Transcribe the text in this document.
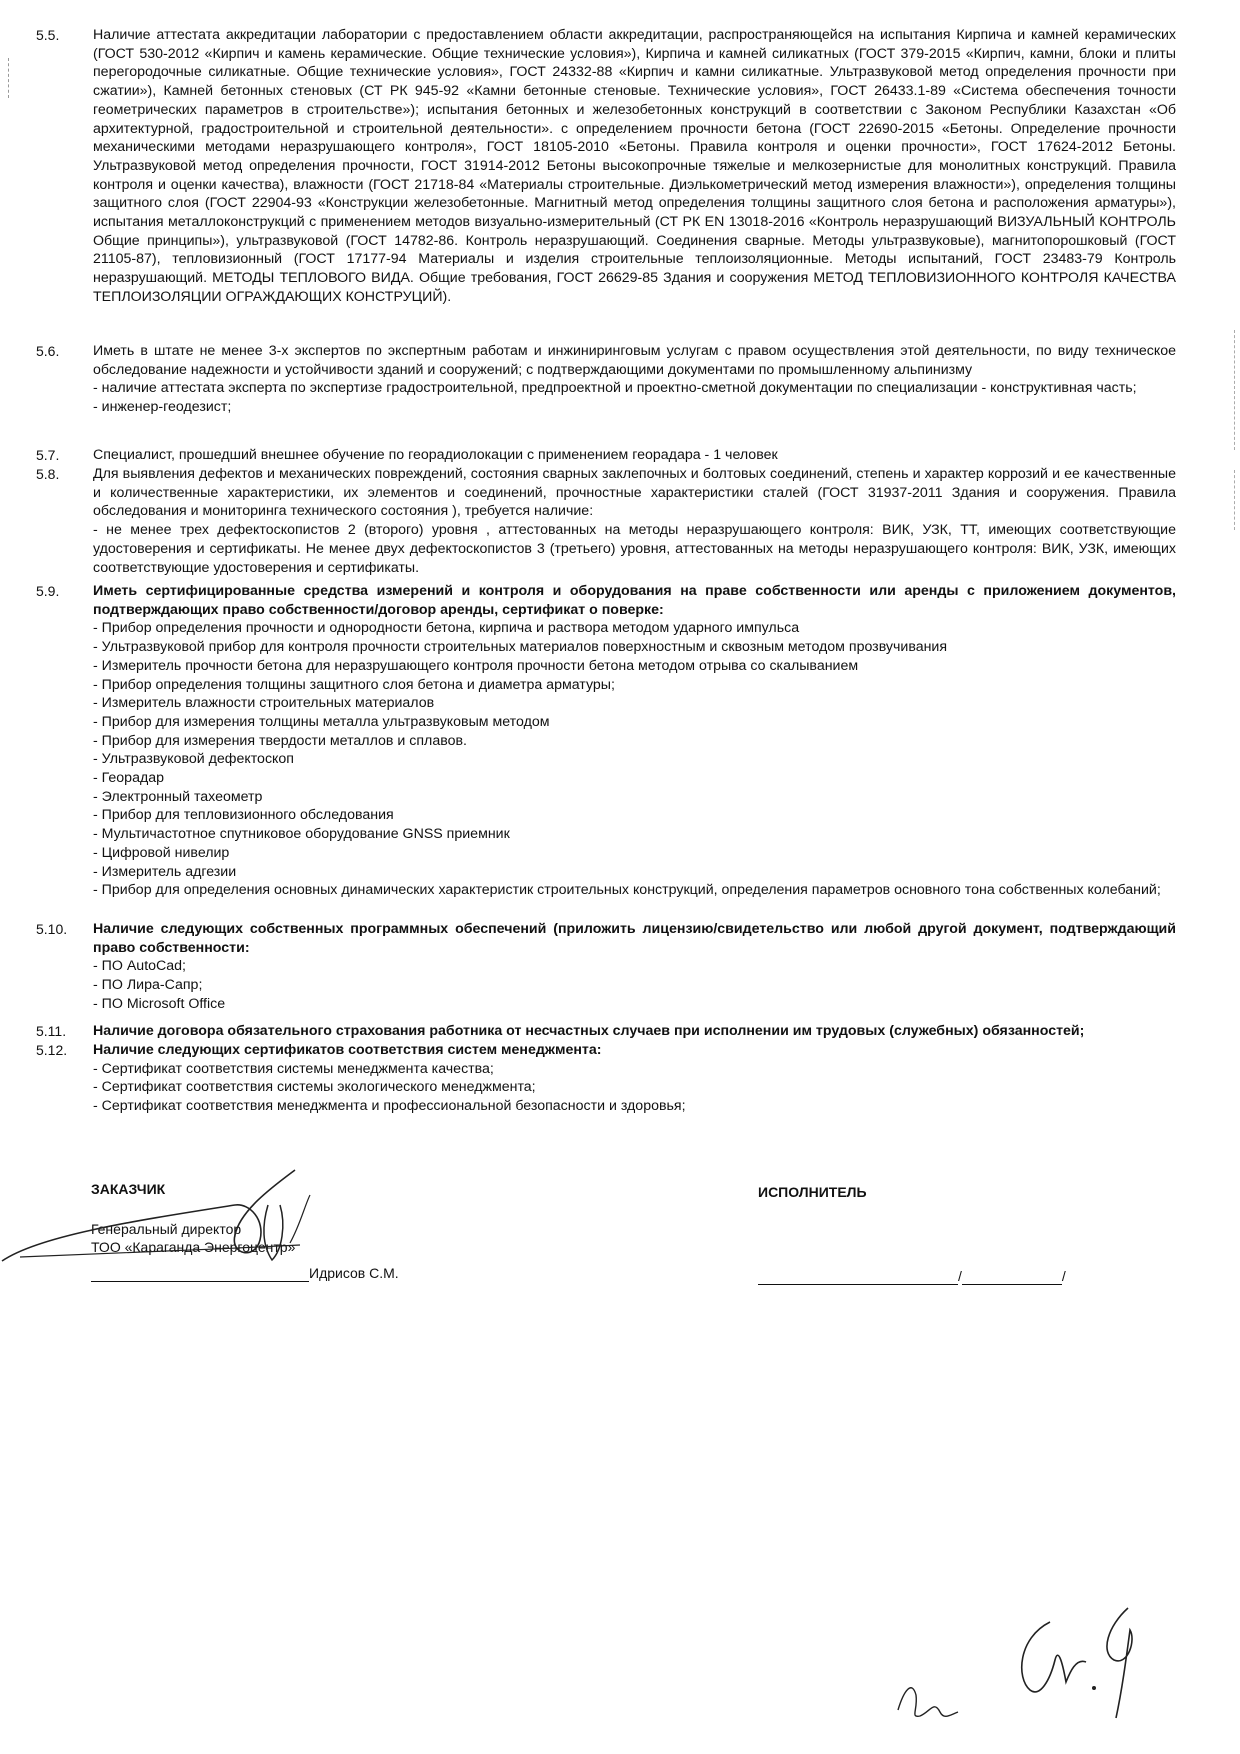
5.5.	Наличие аттестата аккредитации лаборатории с предоставлением области аккредитации, распространяющейся на испытания Кирпича и камней керамических (ГОСТ 530-2012 «Кирпич и камень керамические. Общие технические условия»), Кирпича и камней силикатных (ГОСТ 379-2015 «Кирпич, камни, блоки и плиты перегородочные силикатные. Общие технические условия», ГОСТ 24332-88 «Кирпич и камни силикатные. Ультразвуковой метод определения прочности при сжатии»), Камней бетонных стеновых (СТ РК 945-92 «Камни бетонные стеновые. Технические условия», ГОСТ 26433.1-89 «Система обеспечения точности геометрических параметров в строительстве»); испытания бетонных и железобетонных конструкций в соответствии с Законом Республики Казахстан «Об архитектурной, градостроительной и строительной деятельности». с определением прочности бетона (ГОСТ 22690-2015 «Бетоны. Определение прочности механическими методами неразрушающего контроля», ГОСТ 18105-2010 «Бетоны. Правила контроля и оценки прочности», ГОСТ 17624-2012 Бетоны. Ультразвуковой метод определения прочности, ГОСТ 31914-2012 Бетоны высокопрочные тяжелые и мелкозернистые для монолитных конструкций. Правила контроля и оценки качества), влажности (ГОСТ 21718-84 «Материалы строительные. Диэлькометрический метод измерения влажности»), определения толщины защитного слоя (ГОСТ 22904-93 «Конструкции железобетонные. Магнитный метод определения толщины защитного слоя бетона и расположения арматуры»), испытания металлоконструкций с применением методов визуально-измерительный (СТ РК EN 13018-2016 «Контроль неразрушающий ВИЗУАЛЬНЫЙ КОНТРОЛЬ Общие принципы»), ультразвуковой (ГОСТ 14782-86. Контроль неразрушающий. Соединения сварные. Методы ультразвуковые), магнитопорошковый (ГОСТ 21105-87), тепловизионный (ГОСТ 17177-94 Материалы и изделия строительные теплоизоляционные. Методы испытаний, ГОСТ 23483-79 Контроль неразрушающий. МЕТОДЫ ТЕПЛОВОГО ВИДА. Общие требования, ГОСТ 26629-85 Здания и сооружения МЕТОД ТЕПЛОВИЗИОННОГО КОНТРОЛЯ КАЧЕСТВА ТЕПЛОИЗОЛЯЦИИ ОГРАЖДАЮЩИХ КОНСТРУЦИЙ).

5.6.	Иметь в штате не менее 3-х экспертов по экспертным работам и инжиниринговым услугам с правом осуществления этой деятельности, по виду техническое обследование надежности и устойчивости зданий и сооружений; с подтверждающими документами по промышленному альпинизму

- наличие аттестата эксперта по экспертизе градостроительной, предпроектной и проектно-сметной документации по специализации - конструктивная часть;

- инженер-геодезист;

5.7.	Специалист, прошедший внешнее обучение по георадиолокации с применением георадара - 1 человек

5.8.	Для выявления дефектов и механических повреждений, состояния сварных заклепочных и болтовых соединений, степень и характер коррозий и ее качественные и количественные характеристики, их элементов и соединений, прочностные характеристики сталей (ГОСТ 31937-2011 Здания и сооружения. Правила обследования и мониторинга технического состояния ), требуется наличие:

- не менее трех дефектоскопистов 2 (второго) уровня , аттестованных на методы неразрушающего контроля: ВИК, УЗК, ТТ, имеющих соответствующие удостоверения и сертификаты. Не менее двух дефектоскопистов 3 (третьего) уровня, аттестованных на методы неразрушающего контроля: ВИК, УЗК, имеющих соответствующие удостоверения и сертификаты.

5.9.	Иметь сертифицированные средства измерений и контроля и оборудования на праве собственности или аренды с приложением документов, подтверждающих право собственности/договор аренды, сертификат о поверке:

- Прибор определения прочности и однородности бетона, кирпича и раствора методом ударного импульса
- Ультразвуковой прибор для контроля прочности строительных материалов поверхностным и сквозным методом прозвучивания
- Измеритель прочности бетона для неразрушающего контроля прочности бетона методом отрыва со скалыванием
- Прибор определения толщины защитного слоя бетона и диаметра арматуры;
- Измеритель влажности строительных материалов
- Прибор для измерения толщины металла ультразвуковым методом
- Прибор для измерения твердости металлов и сплавов.
- Ультразвуковой дефектоскоп
- Георадар
- Электронный тахеометр
- Прибор для тепловизионного обследования
- Мультичастотное спутниковое оборудование GNSS приемник
- Цифровой нивелир
- Измеритель адгезии
- Прибор для определения основных динамических характеристик строительных конструкций, определения параметров основного тона собственных колебаний;
5.10.	Наличие следующих собственных программных обеспечений (приложить лицензию/свидетельство или любой другой документ, подтверждающий право собственности:

- ПО AutoCad;
- ПО Лира-Сапр;
- ПО Microsoft Office
5.11.	Наличие договора обязательного страхования работника от несчастных случаев при исполнении им трудовых (служебных) обязанностей;

5.12.	Наличие следующих сертификатов соответствия систем менеджмента:

- Сертификат соответствия системы менеджмента качества;
- Сертификат соответствия системы экологического менеджмента;
- Сертификат соответствия менеджмента и профессиональной безопасности и здоровья;
ЗАКАЗЧИК
Генеральный директор
ТОО «Караганда Энергоцентр»
Идрисов С.М.
ИСПОЛНИТЕЛЬ
/	/
